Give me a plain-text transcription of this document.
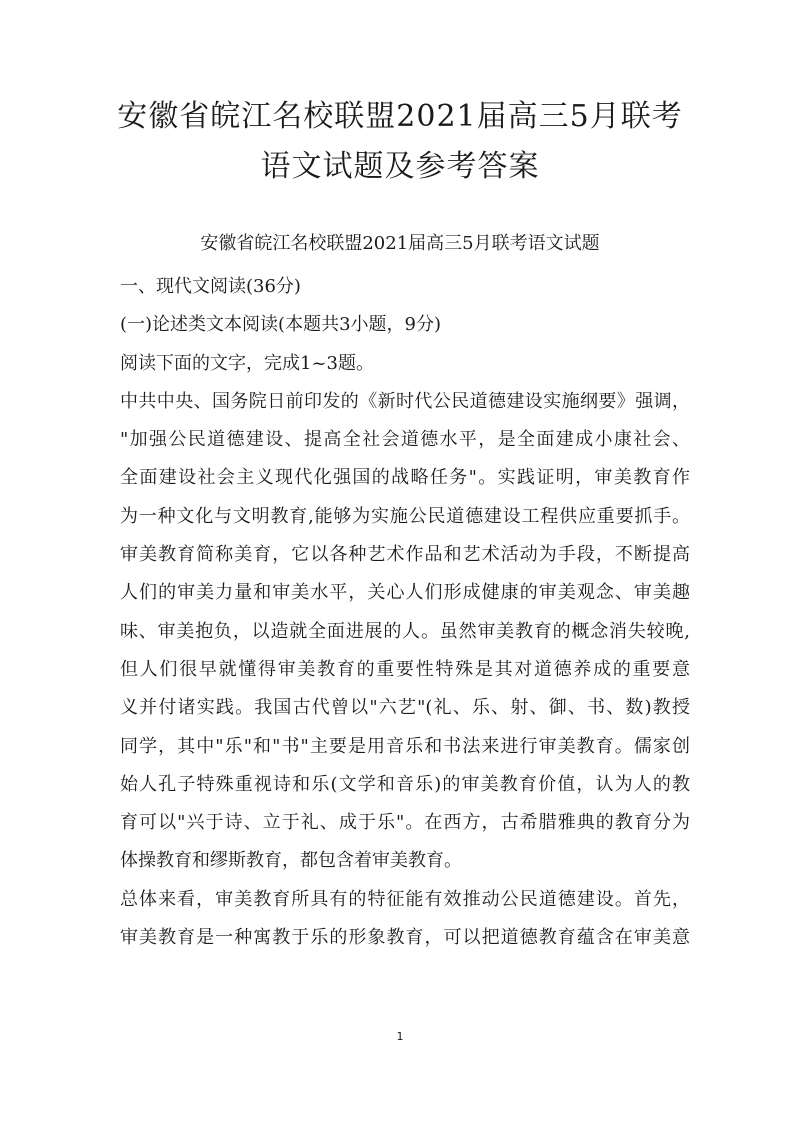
安徽省皖江名校联盟2021届高三5月联考
语文试题及参考答案
安徽省皖江名校联盟2021届高三5月联考语文试题
一、现代文阅读(36分)
(一)论述类文本阅读(本题共3小题，9分)
阅读下面的文字，完成1~3题。
中共中央、国务院日前印发的《新时代公民道德建设实施纲要》强调，
"加强公民道德建设、提高全社会道德水平，是全面建成小康社会、
全面建设社会主义现代化强国的战略任务"。实践证明，审美教育作
为一种文化与文明教育,能够为实施公民道德建设工程供应重要抓手。
审美教育简称美育，它以各种艺术作品和艺术活动为手段，不断提高
人们的审美力量和审美水平，关心人们形成健康的审美观念、审美趣
味、审美抱负，以造就全面进展的人。虽然审美教育的概念消失较晚,
但人们很早就懂得审美教育的重要性特殊是其对道德养成的重要意
义并付诸实践。我国古代曾以"六艺"(礼、乐、射、御、书、数)教授
同学，其中"乐"和"书"主要是用音乐和书法来进行审美教育。儒家创
始人孔子特殊重视诗和乐(文学和音乐)的审美教育价值，认为人的教
育可以"兴于诗、立于礼、成于乐"。在西方，古希腊雅典的教育分为
体操教育和缪斯教育，都包含着审美教育。
总体来看，审美教育所具有的特征能有效推动公民道德建设。首先，
审美教育是一种寓教于乐的形象教育，可以把道德教育蕴含在审美意
1
